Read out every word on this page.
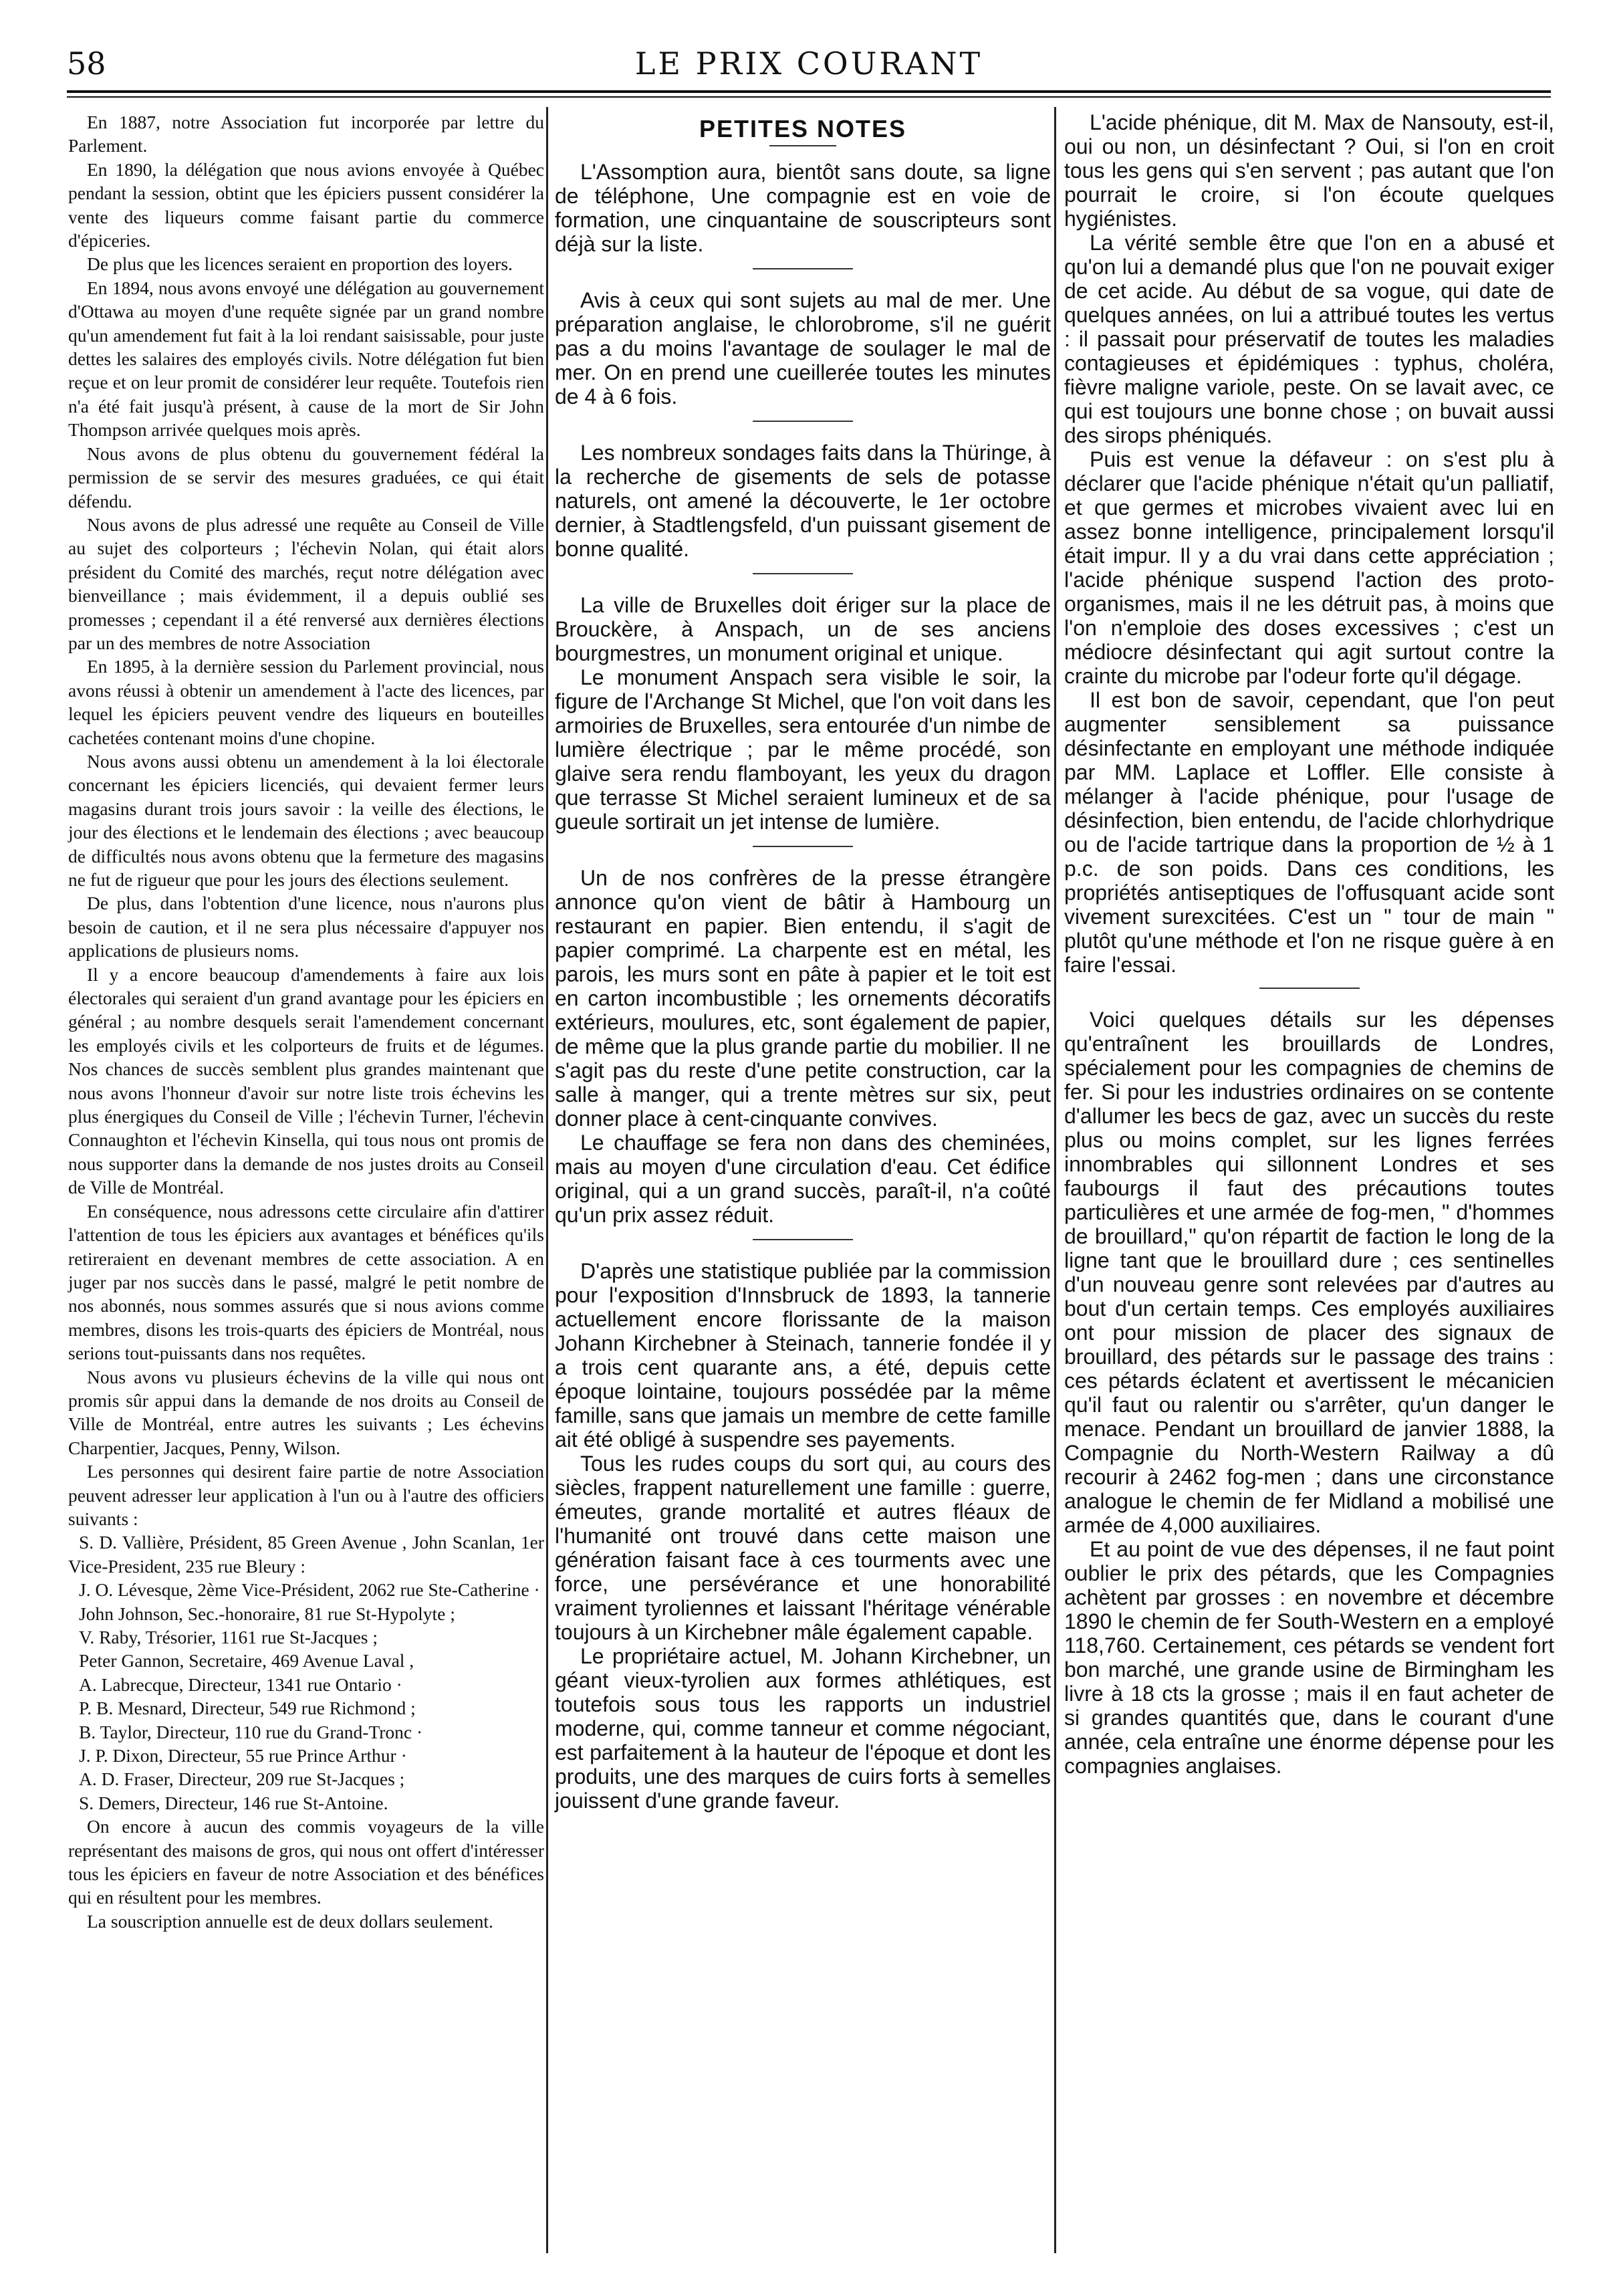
58	LE PRIX COURANT

En 1887, notre Association fut incorporée par lettre du Parlement.

En 1890, la délégation que nous avions envoyée à Québec pendant la session, obtint que les épiciers pussent considérer la vente des liqueurs comme faisant partie du commerce d'épiceries.

De plus que les licences seraient en proportion des loyers.

En 1894, nous avons envoyé une délégation au gouvernement d'Ottawa au moyen d'une requête signée par un grand nombre qu'un amendement fut fait à la loi rendant saisissable, pour juste dettes les salaires des employés civils. Notre délégation fut bien reçue et on leur promit de considérer leur requête. Toutefois rien n'a été fait jusqu'à présent, à cause de la mort de Sir John Thompson arrivée quelques mois après.

Nous avons de plus obtenu du gouvernement fédéral la permission de se servir des mesures graduées, ce qui était défendu.

Nous avons de plus adressé une requête au Conseil de Ville au sujet des colporteurs ; l'échevin Nolan, qui était alors président du Comité des marchés, reçut notre délégation avec bienveillance ; mais évidemment, il a depuis oublié ses promesses ; cependant il a été renversé aux dernières élections par un des membres de notre Association

En 1895, à la dernière session du Parlement provincial, nous avons réussi à obtenir un amendement à l'acte des licences, par lequel les épiciers peuvent vendre des liqueurs en bouteilles cachetées contenant moins d'une chopine.

Nous avons aussi obtenu un amendement à la loi électorale concernant les épiciers licenciés, qui devaient fermer leurs magasins durant trois jours savoir : la veille des élections, le jour des élections et le lendemain des élections ; avec beaucoup de difficultés nous avons obtenu que la fermeture des magasins ne fut de rigueur que pour les jours des élections seulement.

De plus, dans l'obtention d'une licence, nous n'aurons plus besoin de caution, et il ne sera plus nécessaire d'appuyer nos applications de plusieurs noms.

Il y a encore beaucoup d'amendements à faire aux lois électorales qui seraient d'un grand avantage pour les épiciers en général ; au nombre desquels serait l'amendement concernant les employés civils et les colporteurs de fruits et de légumes. Nos chances de succès semblent plus grandes maintenant que nous avons l'honneur d'avoir sur notre liste trois échevins les plus énergiques du Conseil de Ville ; l'échevin Turner, l'échevin Connaughton et l'échevin Kinsella, qui tous nous ont promis de nous supporter dans la demande de nos justes droits au Conseil de Ville de Montréal.

En conséquence, nous adressons cette circulaire afin d'attirer l'attention de tous les épiciers aux avantages et bénéfices qu'ils retireraient en devenant membres de cette association. A en juger par nos succès dans le passé, malgré le petit nombre de nos abonnés, nous sommes assurés que si nous avions comme membres, disons les trois-quarts des épiciers de Montréal, nous serions tout-puissants dans nos requêtes.

Nous avons vu plusieurs échevins de la ville qui nous ont promis sûr appui dans la demande de nos droits au Conseil de Ville de Montréal, entre autres les suivants ; Les échevins Charpentier, Jacques, Penny, Wilson.

Les personnes qui desirent faire partie de notre Association peuvent adresser leur application à l'un ou à l'autre des officiers suivants :

S. D. Vallière, Président, 85 Green Avenue , John Scanlan, 1er Vice-President, 235 rue Bleury :

J. O. Lévesque, 2ème Vice-Président, 2062 rue Ste-Catherine ·

John Johnson, Sec.-honoraire, 81 rue St-Hypolyte ;

V. Raby, Trésorier, 1161 rue St-Jacques ;

Peter Gannon, Secretaire, 469 Avenue Laval ,

A. Labrecque, Directeur, 1341 rue Ontario ·

P. B. Mesnard, Directeur, 549 rue Richmond ;

B. Taylor, Directeur, 110 rue du Grand-Tronc ·

J. P. Dixon, Directeur, 55 rue Prince Arthur ·

A. D. Fraser, Directeur, 209 rue St-Jacques ;

S. Demers, Directeur, 146 rue St-Antoine.

On encore à aucun des commis voyageurs de la ville représentant des maisons de gros, qui nous ont offert d'intéresser tous les épiciers en faveur de notre Association et des bénéfices qui en résultent pour les membres.

La souscription annuelle est de deux dollars seulement.

PETITES NOTES

L'Assomption aura, bientôt sans doute, sa ligne de téléphone, Une compagnie est en voie de formation, une cinquantaine de souscripteurs sont déjà sur la liste.

Avis à ceux qui sont sujets au mal de mer. Une préparation anglaise, le chlorobrome, s'il ne guérit pas a du moins l'avantage de soulager le mal de mer. On en prend une cueillerée toutes les minutes de 4 à 6 fois.

Les nombreux sondages faits dans la Thüringe, à la recherche de gisements de sels de potasse naturels, ont amené la découverte, le 1er octobre dernier, à Stadtlengsfeld, d'un puissant gisement de bonne qualité.

La ville de Bruxelles doit ériger sur la place de Brouckère, à Anspach, un de ses anciens bourgmestres, un monument original et unique.

Le monument Anspach sera visible le soir, la figure de l'Archange St Michel, que l'on voit dans les armoiries de Bruxelles, sera entourée d'un nimbe de lumière électrique ; par le même procédé, son glaive sera rendu flamboyant, les yeux du dragon que terrasse St Michel seraient lumineux et de sa gueule sortirait un jet intense de lumière.

Un de nos confrères de la presse étrangère annonce qu'on vient de bâtir à Hambourg un restaurant en papier. Bien entendu, il s'agit de papier comprimé. La charpente est en métal, les parois, les murs sont en pâte à papier et le toit est en carton incombustible ; les ornements décoratifs extérieurs, moulures, etc, sont également de papier, de même que la plus grande partie du mobilier. Il ne s'agit pas du reste d'une petite construction, car la salle à manger, qui a trente mètres sur six, peut donner place à cent-cinquante convives.

Le chauffage se fera non dans des cheminées, mais au moyen d'une circulation d'eau. Cet édifice original, qui a un grand succès, paraît-il, n'a coûté qu'un prix assez réduit.

D'après une statistique publiée par la commission pour l'exposition d'Innsbruck de 1893, la tannerie actuellement encore florissante de la maison Johann Kirchebner à Steinach, tannerie fondée il y a trois cent quarante ans, a été, depuis cette époque lointaine, toujours possédée par la même famille, sans que jamais un membre de cette famille ait été obligé à suspendre ses payements.

Tous les rudes coups du sort qui, au cours des siècles, frappent naturellement une famille : guerre, émeutes, grande mortalité et autres fléaux de l'humanité ont trouvé dans cette maison une génération faisant face à ces tourments avec une force, une persévérance et une honorabilité vraiment tyroliennes et laissant l'héritage vénérable toujours à un Kirchebner mâle également capable.

Le propriétaire actuel, M. Johann Kirchebner, un géant vieux-tyrolien aux formes athlétiques, est toutefois sous tous les rapports un industriel moderne, qui, comme tanneur et comme négociant, est parfaitement à la hauteur de l'époque et dont les produits, une des marques de cuirs forts à semelles jouissent d'une grande faveur.

L'acide phénique, dit M. Max de Nansouty, est-il, oui ou non, un désinfectant ? Oui, si l'on en croit tous les gens qui s'en servent ; pas autant que l'on pourrait le croire, si l'on écoute quelques hygiénistes.

La vérité semble être que l'on en a abusé et qu'on lui a demandé plus que l'on ne pouvait exiger de cet acide. Au début de sa vogue, qui date de quelques années, on lui a attribué toutes les vertus : il passait pour préservatif de toutes les maladies contagieuses et épidémiques : typhus, choléra, fièvre maligne variole, peste. On se lavait avec, ce qui est toujours une bonne chose ; on buvait aussi des sirops phéniqués.

Puis est venue la défaveur : on s'est plu à déclarer que l'acide phénique n'était qu'un palliatif, et que germes et microbes vivaient avec lui en assez bonne intelligence, principalement lorsqu'il était impur. Il y a du vrai dans cette appréciation ; l'acide phénique suspend l'action des proto-organismes, mais il ne les détruit pas, à moins que l'on n'emploie des doses excessives ; c'est un médiocre désinfectant qui agit surtout contre la crainte du microbe par l'odeur forte qu'il dégage.

Il est bon de savoir, cependant, que l'on peut augmenter sensiblement sa puissance désinfectante en employant une méthode indiquée par MM. Laplace et Loffler. Elle consiste à mélanger à l'acide phénique, pour l'usage de désinfection, bien entendu, de l'acide chlorhydrique ou de l'acide tartrique dans la proportion de ½ à 1 p.c. de son poids. Dans ces conditions, les propriétés antiseptiques de l'offusquant acide sont vivement surexcitées. C'est un " tour de main " plutôt qu'une méthode et l'on ne risque guère à en faire l'essai.

Voici quelques détails sur les dépenses qu'entraînent les brouillards de Londres, spécialement pour les compagnies de chemins de fer. Si pour les industries ordinaires on se contente d'allumer les becs de gaz, avec un succès du reste plus ou moins complet, sur les lignes ferrées innombrables qui sillonnent Londres et ses faubourgs il faut des précautions toutes particulières et une armée de fog-men, " d'hommes de brouillard," qu'on répartit de faction le long de la ligne tant que le brouillard dure ; ces sentinelles d'un nouveau genre sont relevées par d'autres au bout d'un certain temps. Ces employés auxiliaires ont pour mission de placer des signaux de brouillard, des pétards sur le passage des trains : ces pétards éclatent et avertissent le mécanicien qu'il faut ou ralentir ou s'arrêter, qu'un danger le menace. Pendant un brouillard de janvier 1888, la Compagnie du North-Western Railway a dû recourir à 2462 fog-men ; dans une circonstance analogue le chemin de fer Midland a mobilisé une armée de 4,000 auxiliaires.

Et au point de vue des dépenses, il ne faut point oublier le prix des pétards, que les Compagnies achètent par grosses : en novembre et décembre 1890 le chemin de fer South-Western en a employé 118,760. Certainement, ces pétards se vendent fort bon marché, une grande usine de Birmingham les livre à 18 cts la grosse ; mais il en faut acheter de si grandes quantités que, dans le courant d'une année, cela entraîne une énorme dépense pour les compagnies anglaises.
